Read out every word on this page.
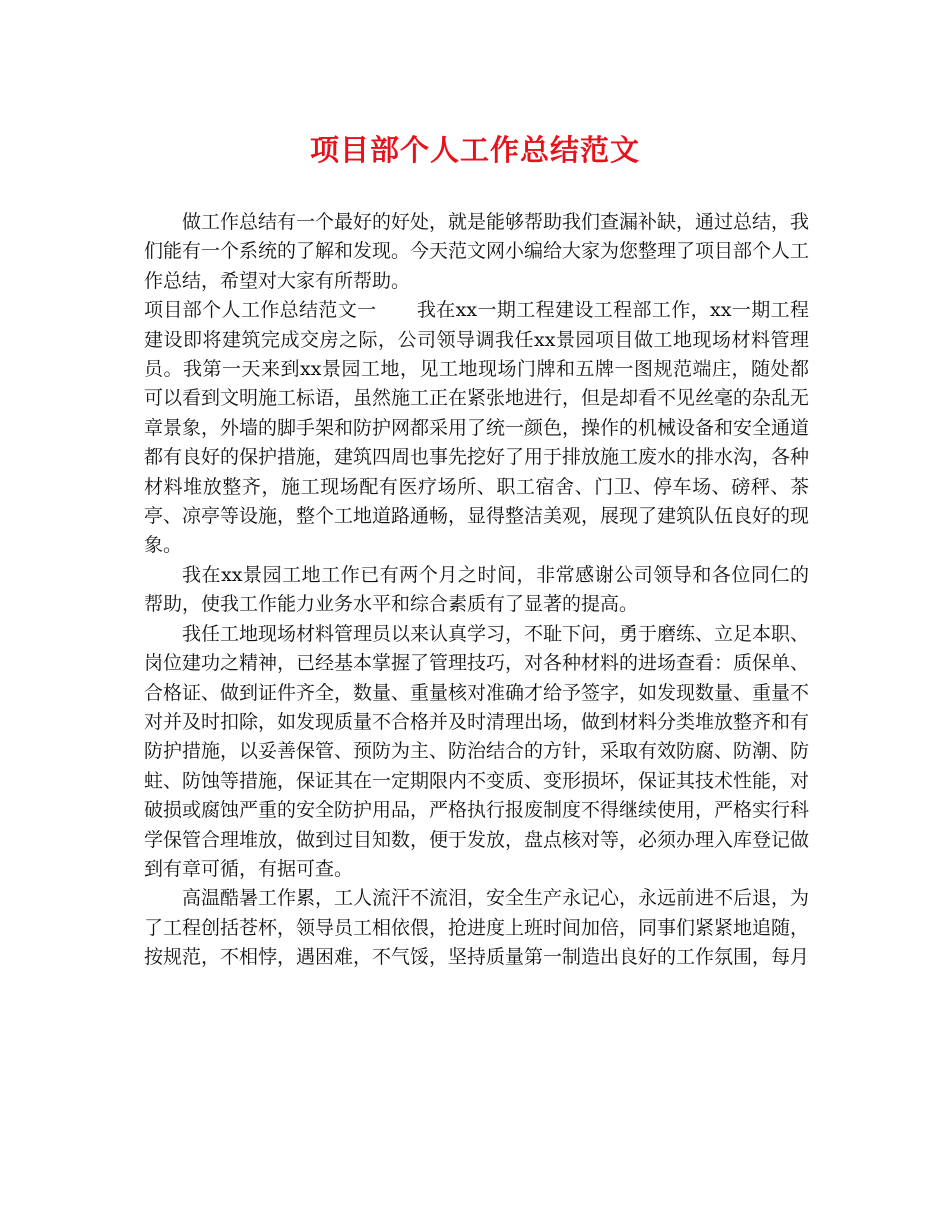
项目部个人工作总结范文

做工作总结有一个最好的好处，就是能够帮助我们查漏补缺，通过总结，我们能有一个系统的了解和发现。今天范文网小编给大家为您整理了项目部个人工作总结，希望对大家有所帮助。

项目部个人工作总结范文一 我在xx一期工程建设工程部工作，xx一期工程建设即将建筑完成交房之际，公司领导调我任xx景园项目做工地现场材料管理员。我第一天来到xx景园工地，见工地现场门牌和五牌一图规范端庄，随处都可以看到文明施工标语，虽然施工正在紧张地进行，但是却看不见丝毫的杂乱无章景象，外墙的脚手架和防护网都采用了统一颜色，操作的机械设备和安全通道都有良好的保护措施，建筑四周也事先挖好了用于排放施工废水的排水沟，各种材料堆放整齐，施工现场配有医疗场所、职工宿舍、门卫、停车场、磅秤、茶亭、凉亭等设施，整个工地道路通畅，显得整洁美观，展现了建筑队伍良好的现象。

我在xx景园工地工作已有两个月之时间，非常感谢公司领导和各位同仁的帮助，使我工作能力业务水平和综合素质有了显著的提高。

我任工地现场材料管理员以来认真学习，不耻下问，勇于磨练、立足本职、岗位建功之精神，已经基本掌握了管理技巧，对各种材料的进场查看：质保单、合格证、做到证件齐全，数量、重量核对准确才给予签字，如发现数量、重量不对并及时扣除，如发现质量不合格并及时清理出场，做到材料分类堆放整齐和有防护措施，以妥善保管、预防为主、防治结合的方针，采取有效防腐、防潮、防蛀、防蚀等措施，保证其在一定期限内不变质、变形损坏，保证其技术性能，对破损或腐蚀严重的安全防护用品，严格执行报废制度不得继续使用，严格实行科学保管合理堆放，做到过目知数，便于发放，盘点核对等，必须办理入库登记做到有章可循，有据可查。

高温酷暑工作累，工人流汗不流泪，安全生产永记心，永远前进不后退，为了工程创括苍杯，领导员工相依偎，抢进度上班时间加倍，同事们紧紧地追随，按规范，不相悖，遇困难，不气馁，坚持质量第一制造出良好的工作氛围，每月
